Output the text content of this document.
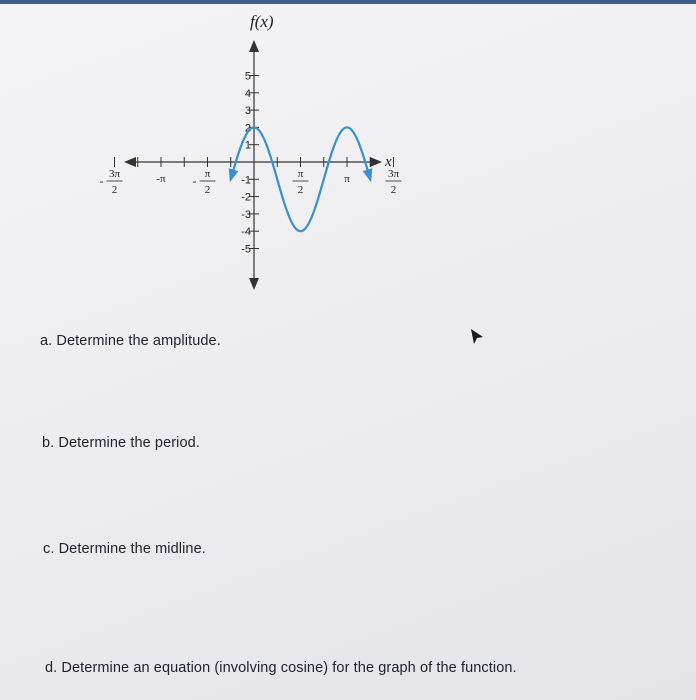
5
4
3
2
1
-1
-2
-3
-4
-5
3π
2
-	-π	π
2
-	π
2
π	3π
2
f(x)
x
a. Determine the amplitude.
b. Determine the period.
c. Determine the midline.
d. Determine an equation (involving cosine) for the graph of the function.
